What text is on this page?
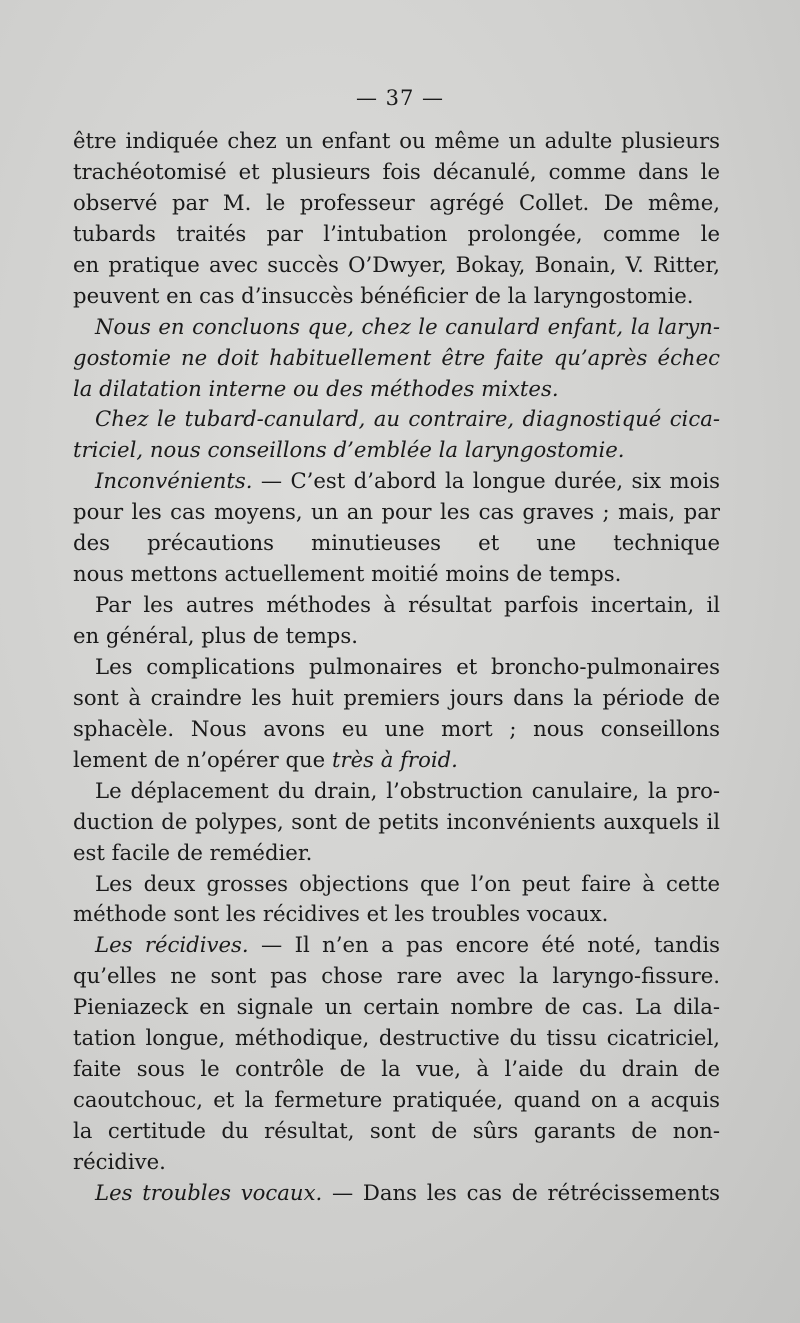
— 37 —
être indiquée chez un enfant ou même un adulte plusieurs
trachéotomisé et plusieurs fois décanulé, comme dans le
observé par M. le professeur agrégé Collet. De même,
tubards traités par l’intubation prolongée, comme le
en pratique avec succès O’Dwyer, Bokay, Bonain, V. Ritter,
peuvent en cas d’insuccès bénéficier de la laryngostomie.
Nous en concluons que, chez le canulard enfant, la laryn-
gostomie ne doit habituellement être faite qu’après échec
la dilatation interne ou des méthodes mixtes.
Chez le tubard-canulard, au contraire, diagnostiqué cica-
triciel, nous conseillons d’emblée la laryngostomie.
Inconvénients. — C’est d’abord la longue durée, six mois
pour les cas moyens, un an pour les cas graves ; mais, par
des précautions minutieuses et une technique
nous mettons actuellement moitié moins de temps.
Par les autres méthodes à résultat parfois incertain, il
en général, plus de temps.
Les complications pulmonaires et broncho-pulmonaires
sont à craindre les huit premiers jours dans la période de
sphacèle. Nous avons eu une mort ; nous conseillons
lement de n’opérer que très à froid.
Le déplacement du drain, l’obstruction canulaire, la pro-
duction de polypes, sont de petits inconvénients auxquels il
est facile de remédier.
Les deux grosses objections que l’on peut faire à cette
méthode sont les récidives et les troubles vocaux.
Les récidives. — Il n’en a pas encore été noté, tandis
qu’elles ne sont pas chose rare avec la laryngo-fissure.
Pieniazeck en signale un certain nombre de cas. La dila-
tation longue, méthodique, destructive du tissu cicatriciel,
faite sous le contrôle de la vue, à l’aide du drain de
caoutchouc, et la fermeture pratiquée, quand on a acquis
la certitude du résultat, sont de sûrs garants de non-
récidive.
Les troubles vocaux. — Dans les cas de rétrécissements
